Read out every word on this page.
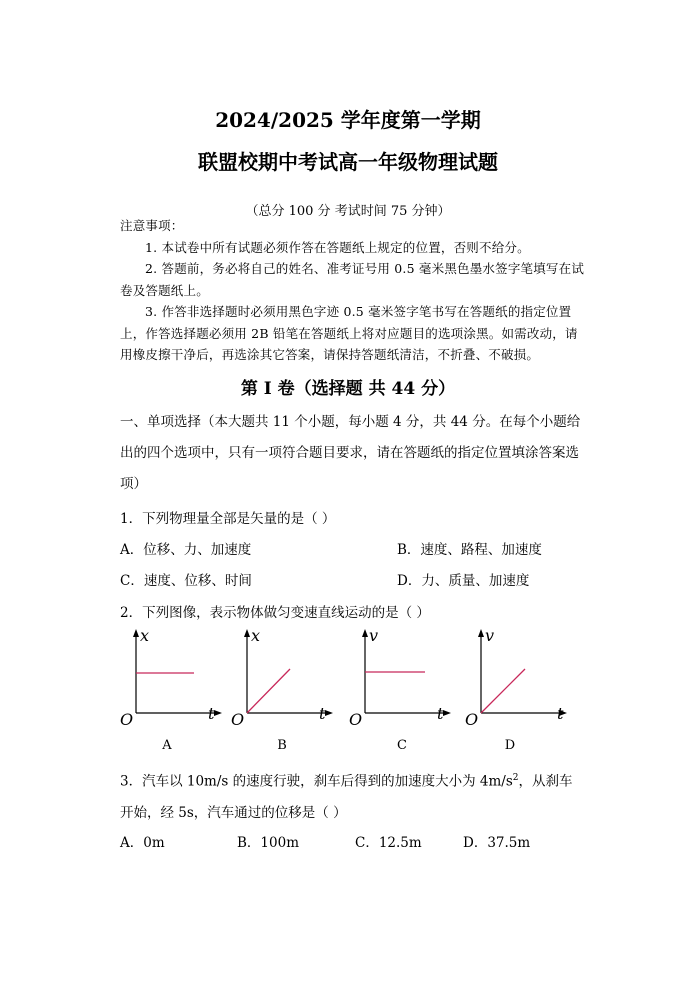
2024/2025 学年度第一学期
联盟校期中考试高一年级物理试题
（总分 100 分 考试时间 75 分钟）

注意事项：

1. 本试卷中所有试题必须作答在答题纸上规定的位置，否则不给分。

2. 答题前，务必将自己的姓名、准考证号用 0.5 毫米黑色墨水签字笔填写在试卷及答题纸上。

3. 作答非选择题时必须用黑色字迹 0.5 毫米签字笔书写在答题纸的指定位置上，作答选择题必须用 2B 铅笔在答题纸上将对应题目的选项涂黑。如需改动，请用橡皮擦干净后，再选涂其它答案，请保持答题纸清洁，不折叠、不破损。

第 I 卷（选择题 共 44 分）
一、单项选择（本大题共 11 个小题，每小题 4 分，共 44 分。在每个小题给出的四个选项中，只有一项符合题目要求，请在答题纸的指定位置填涂答案选项）
1．下列物理量全部是矢量的是（ ）
A．位移、力、加速度	B．速度、路程、加速度
C．速度、位移、时间	D．力、质量、加速度
2．下列图像，表示物体做匀变速直线运动的是（ ）
x
t
O
A
x
t
O
B
v
t
O
C
v
t
O
D
3．汽车以 10m/s 的速度行驶，刹车后得到的加速度大小为 $4m/s^2$，从刹车开始，经 5s，汽车通过的位移是（ ）
A．0m	B．100m	C．12.5m	D．37.5m
